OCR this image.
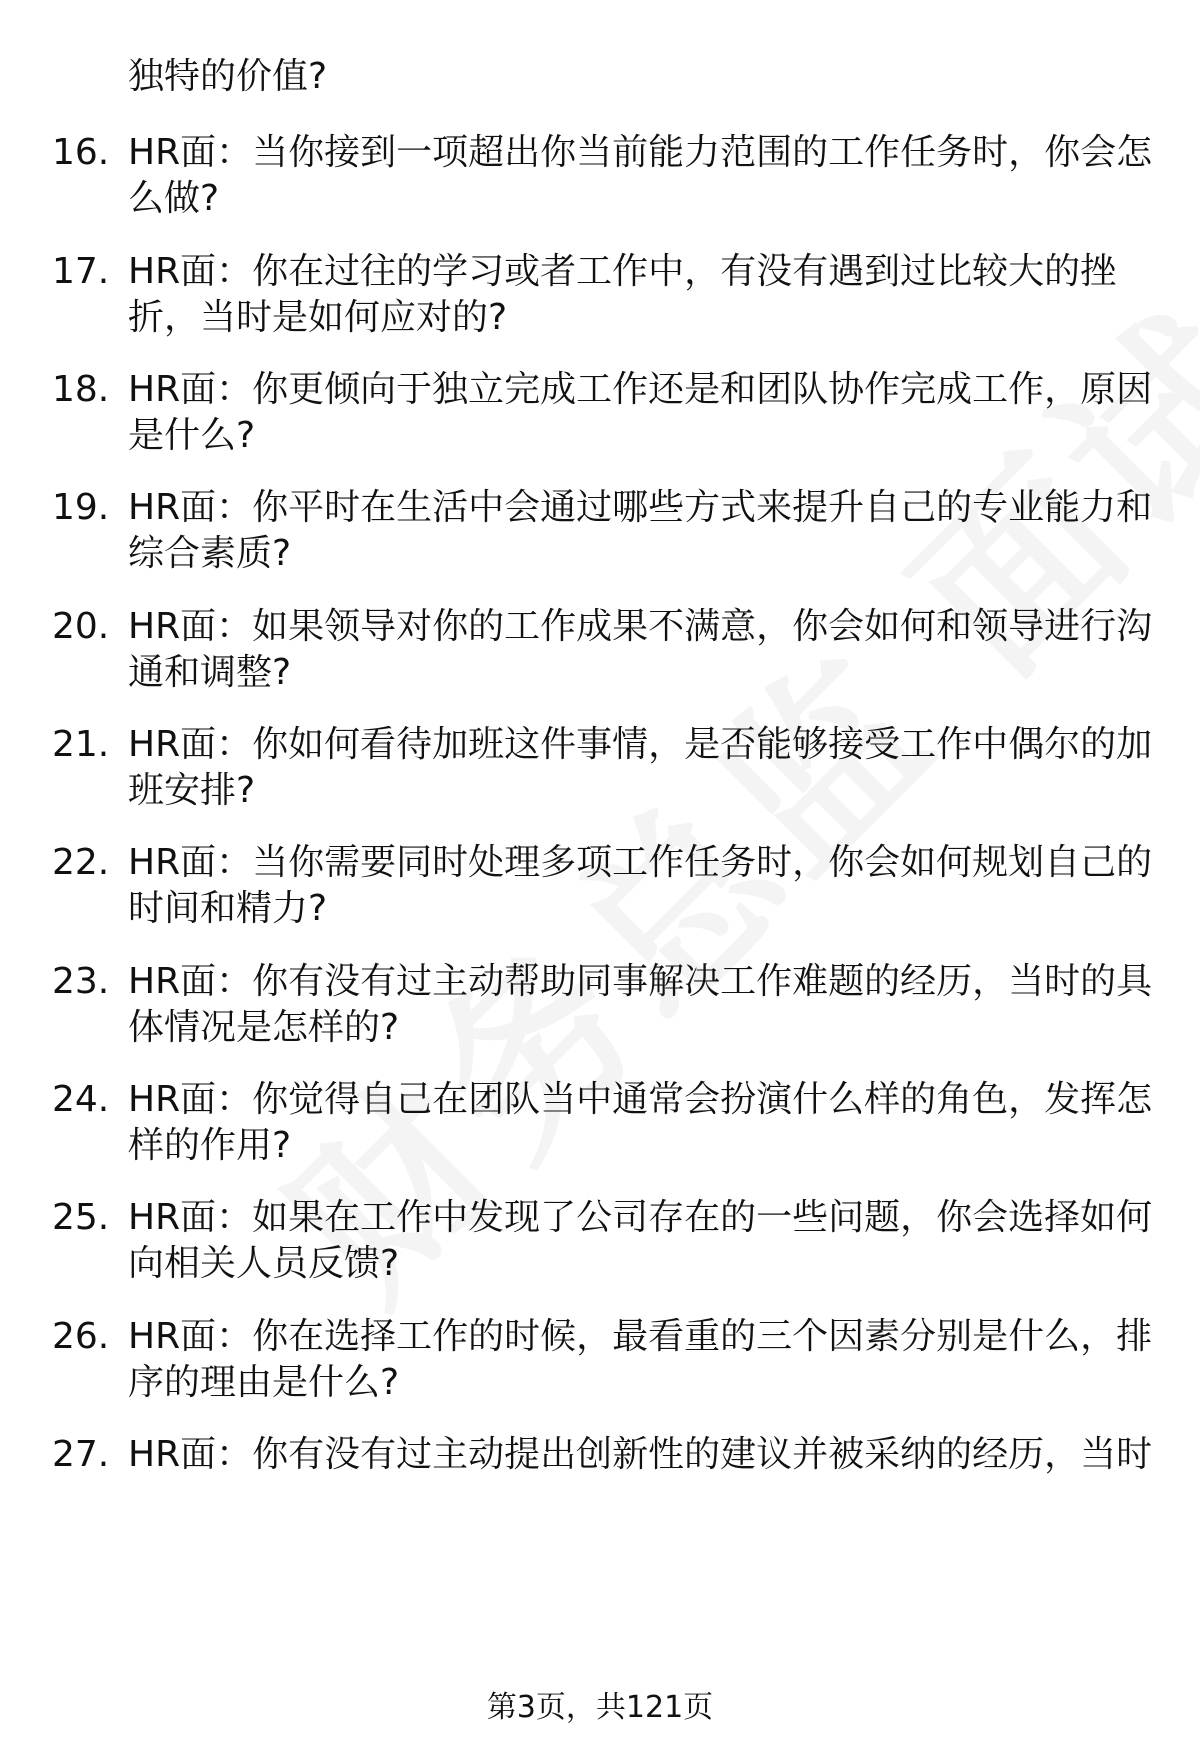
独特的价值?
16. HR面：当你接到一项超出你当前能力范围的工作任务时，你会怎
么做?
17. HR面：你在过往的学习或者工作中，有没有遇到过比较大的挫
折，当时是如何应对的?
18. HR面：你更倾向于独立完成工作还是和团队协作完成工作，原因
是什么?
19. HR面：你平时在生活中会通过哪些方式来提升自己的专业能力和
综合素质?
20. HR面：如果领导对你的工作成果不满意，你会如何和领导进行沟
通和调整?
21. HR面：你如何看待加班这件事情，是否能够接受工作中偶尔的加
班安排?
22. HR面：当你需要同时处理多项工作任务时，你会如何规划自己的
时间和精力?
23. HR面：你有没有过主动帮助同事解决工作难题的经历，当时的具
体情况是怎样的?
24. HR面：你觉得自己在团队当中通常会扮演什么样的角色，发挥怎
样的作用?
25. HR面：如果在工作中发现了公司存在的一些问题，你会选择如何
向相关人员反馈?
26. HR面：你在选择工作的时候，最看重的三个因素分别是什么，排
序的理由是什么?
27. HR面：你有没有过主动提出创新性的建议并被采纳的经历，当时
第3页，共121页
